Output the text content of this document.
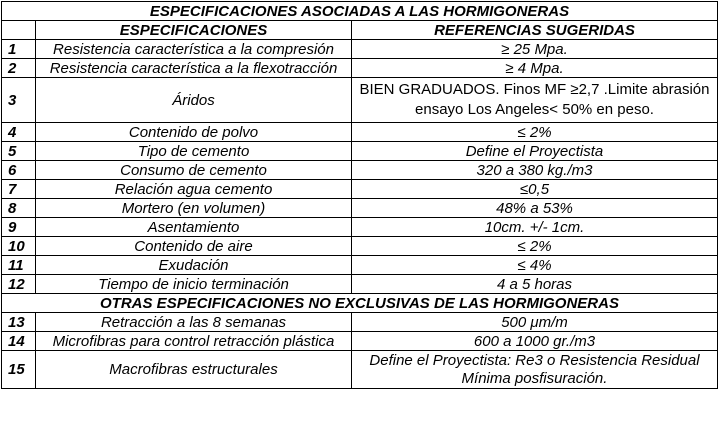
ESPECIFICACIONES ASOCIADAS A LAS HORMIGONERAS		
	ESPECIFICACIONES	REFERENCIAS SUGERIDAS
1	Resistencia característica a la compresión	≥ 25 Mpa.
2	Resistencia característica a la flexotracción	≥ 4 Mpa.
3	Áridos	BIEN GRADUADOS. Finos MF ≥2,7 .Limite abrasión ensayo Los Angeles< 50% en peso.
4	Contenido de polvo	≤ 2%
5	Tipo de cemento	Define el Proyectista
6	Consumo de cemento	320 a 380 kg./m3
7	Relación agua cemento	≤0,5
8	Mortero (en volumen)	48% a 53%
9	Asentamiento	10cm. +/- 1cm.
10	Contenido de aire	≤ 2%
11	Exudación	≤ 4%
12	Tiempo de inicio terminación	4 a 5 horas
OTRAS ESPECIFICACIONES NO EXCLUSIVAS DE LAS HORMIGONERAS		
13	Retracción a las 8 semanas	500 μm/m
14	Microfibras para control retracción plástica	600 a 1000 gr./m3
15	Macrofibras estructurales	Define el Proyectista: Re3 o Resistencia Residual Mínima posfisuración.
